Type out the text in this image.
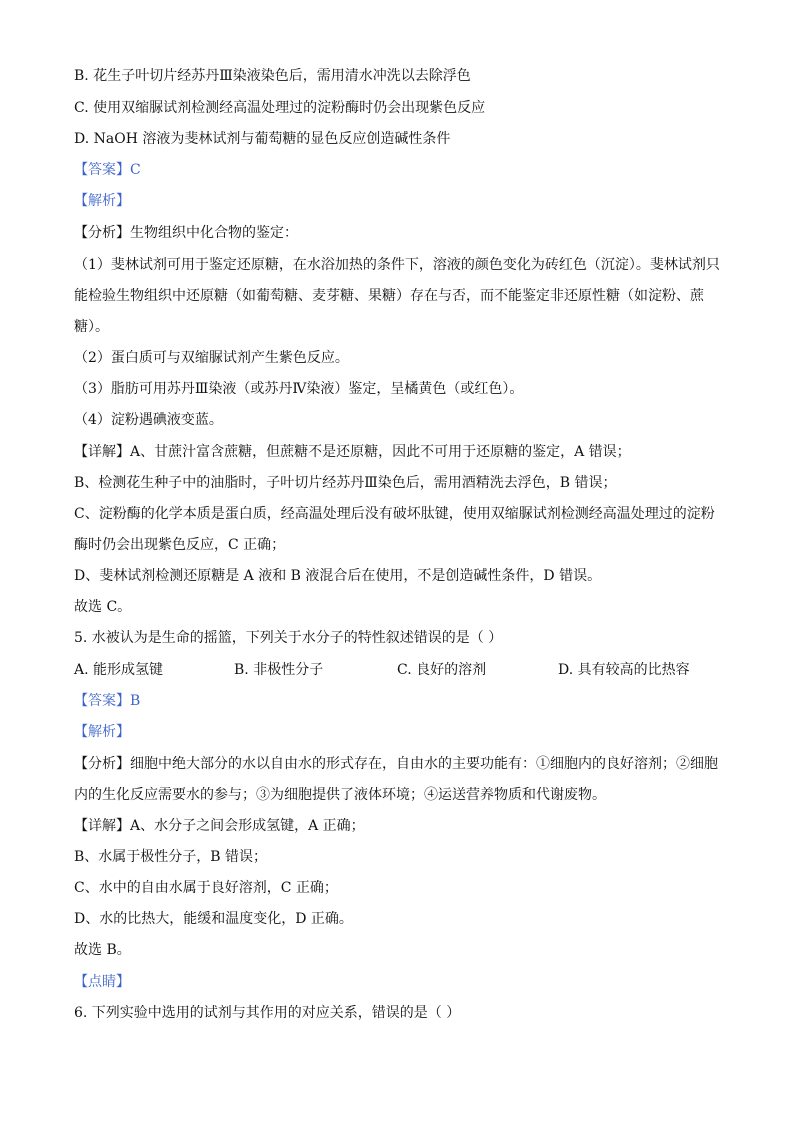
B. 花生子叶切片经苏丹Ⅲ染液染色后，需用清水冲洗以去除浮色
C. 使用双缩脲试剂检测经高温处理过的淀粉酶时仍会出现紫色反应
D. NaOH 溶液为斐林试剂与葡萄糖的显色反应创造碱性条件
【答案】C
【解析】
【分析】生物组织中化合物的鉴定：
（1）斐林试剂可用于鉴定还原糖，在水浴加热的条件下，溶液的颜色变化为砖红色（沉淀）。斐林试剂只
能检验生物组织中还原糖（如葡萄糖、麦芽糖、果糖）存在与否，而不能鉴定非还原性糖（如淀粉、蔗
糖）。
（2）蛋白质可与双缩脲试剂产生紫色反应。
（3）脂肪可用苏丹Ⅲ染液（或苏丹Ⅳ染液）鉴定，呈橘黄色（或红色）。
（4）淀粉遇碘液变蓝。
【详解】A、甘蔗汁富含蔗糖，但蔗糖不是还原糖，因此不可用于还原糖的鉴定，A 错误；
B、检测花生种子中的油脂时，子叶切片经苏丹Ⅲ染色后，需用酒精洗去浮色，B 错误；
C、淀粉酶的化学本质是蛋白质，经高温处理后没有破坏肽键，使用双缩脲试剂检测经高温处理过的淀粉
酶时仍会出现紫色反应，C 正确；
D、斐林试剂检测还原糖是 A 液和 B 液混合后在使用，不是创造碱性条件，D 错误。
故选 C。
5. 水被认为是生命的摇篮，下列关于水分子的特性叙述错误的是（ ）
A. 能形成氢键	B. 非极性分子	C. 良好的溶剂	D. 具有较高的比热容
【答案】B
【解析】
【分析】细胞中绝大部分的水以自由水的形式存在，自由水的主要功能有：①细胞内的良好溶剂；②细胞
内的生化反应需要水的参与；③为细胞提供了液体环境；④运送营养物质和代谢废物。
【详解】A、水分子之间会形成氢键，A 正确；
B、水属于极性分子，B 错误；
C、水中的自由水属于良好溶剂，C 正确；
D、水的比热大，能缓和温度变化，D 正确。
故选 B。
【点睛】
6. 下列实验中选用的试剂与其作用的对应关系，错误的是（ ）
